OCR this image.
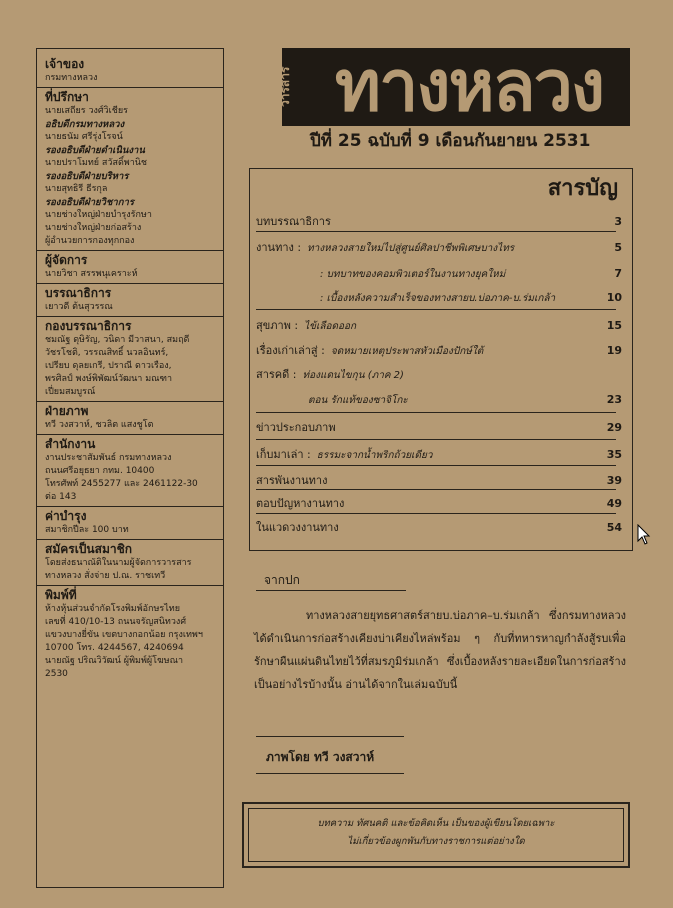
เจ้าของ
กรมทางหลวง
ที่ปรึกษา
นายเสถียร วงศ์วิเชียร
อธิบดีกรมทางหลวง
นายธนัม ศรีรุ่งโรจน์
รองอธิบดีฝ่ายดำเนินงาน
นายปราโมทย์ สวัสดิ์พานิช
รองอธิบดีฝ่ายบริหาร
นายสุทธิรี ธีรกุล
รองอธิบดีฝ่ายวิชาการ
นายช่างใหญ่ฝ่ายบำรุงรักษา
นายช่างใหญ่ฝ่ายก่อสร้าง
ผู้อำนวยการกองทุกกอง
ผู้จัดการ
นายวิชา สรรพนุเคราะห์
บรรณาธิการ
เยาวดี ต้นสุวรรณ
กองบรรณาธิการ
ชมณัฐ ดุษิรัญ, วนิดา มีวาสนา, สมฤดี
วัชรโชติ, วรรณสิทธิ์ นวลอินทร์,
เปรียบ ดุลยเกรี, ปราณี ดาวเรือง,
พรศิลป์ พงษ์พิพัฒน์วัฒนา มณฑา
เปี่ยมสมบูรณ์
ฝ่ายภาพ
ทวี วงสวาห์, ชวลิต แสงชูโต
สำนักงาน
งานประชาสัมพันธ์ กรมทางหลวง
ถนนศรีอยุธยา กทม. 10400
โทรศัพท์ 2455277 และ 2461122-30
ต่อ 143
ค่าบำรุง
สมาชิกปีละ 100 บาท
สมัครเป็นสมาชิก
โดยส่งธนาณัติในนามผู้จัดการวารสาร
ทางหลวง สั่งจ่าย ป.ณ. ราชเทวี
พิมพ์ที่
ห้างหุ้นส่วนจำกัดโรงพิมพ์อักษรไทย
เลขที่ 410/10-13 ถนนจรัญสนิทวงศ์
แขวงบางยี่ขัน เขตบางกอกน้อย กรุงเทพฯ
10700 โทร. 4244567, 4240694
นายณัฐ ปริณวิวัฒน์ ผู้พิมพ์ผู้โฆษณา
2530
วารสาร ทางหลวง
ปีที่ 25 ฉบับที่ 9 เดือนกันยายน 2531
สารบัญ
บทบรรณาธิการ	3
งานทาง : ทางหลวงสายใหม่ไปสู่ศูนย์ศิลปาชีพพิเศษบางไทร	5
: บทบาทของคอมพิวเตอร์ในงานทางยุคใหม่	7
: เบื้องหลังความสำเร็จของทางสายบ.บ่อภาค-บ.ร่มเกล้า	10
สุขภาพ : ไข้เลือดออก	15
เรื่องเก่าเล่าสู่ : จดหมายเหตุประพาสหัวเมืองปักษ์ใต้	19
สารคดี : ท่องแดนไขกุน (ภาค 2)
ตอน รักแท้ของซาจิโกะ	23
ข่าวประกอบภาพ	29
เก็บมาเล่า : ธรรมะจากน้ำพริกถ้วยเดียว	35
สารพันงานทาง	39
ตอบปัญหางานทาง	49
ในแวดวงงานทาง	54
จากปก

ทางหลวงสายยุทธศาสตร์สายบ.บ่อภาค–บ.ร่มเกล้า ซึ่งกรมทางหลวงได้ดำเนินการก่อสร้างเคียงบ่าเคียงไหล่พร้อม ๆ กับที่ทหารหาญกำลังสู้รบเพื่อรักษาผืนแผ่นดินไทยไว้ที่สมรภูมิร่มเกล้า ซึ่งเบื้องหลังรายละเอียดในการก่อสร้างเป็นอย่างไรบ้างนั้น อ่านได้จากในเล่มฉบับนี้

ภาพโดย ทวี วงสวาห์
บทความ ทัศนคติ และข้อคิดเห็น เป็นของผู้เขียนโดยเฉพาะ
ไม่เกี่ยวข้องผูกพันกับทางราชการแต่อย่างใด
